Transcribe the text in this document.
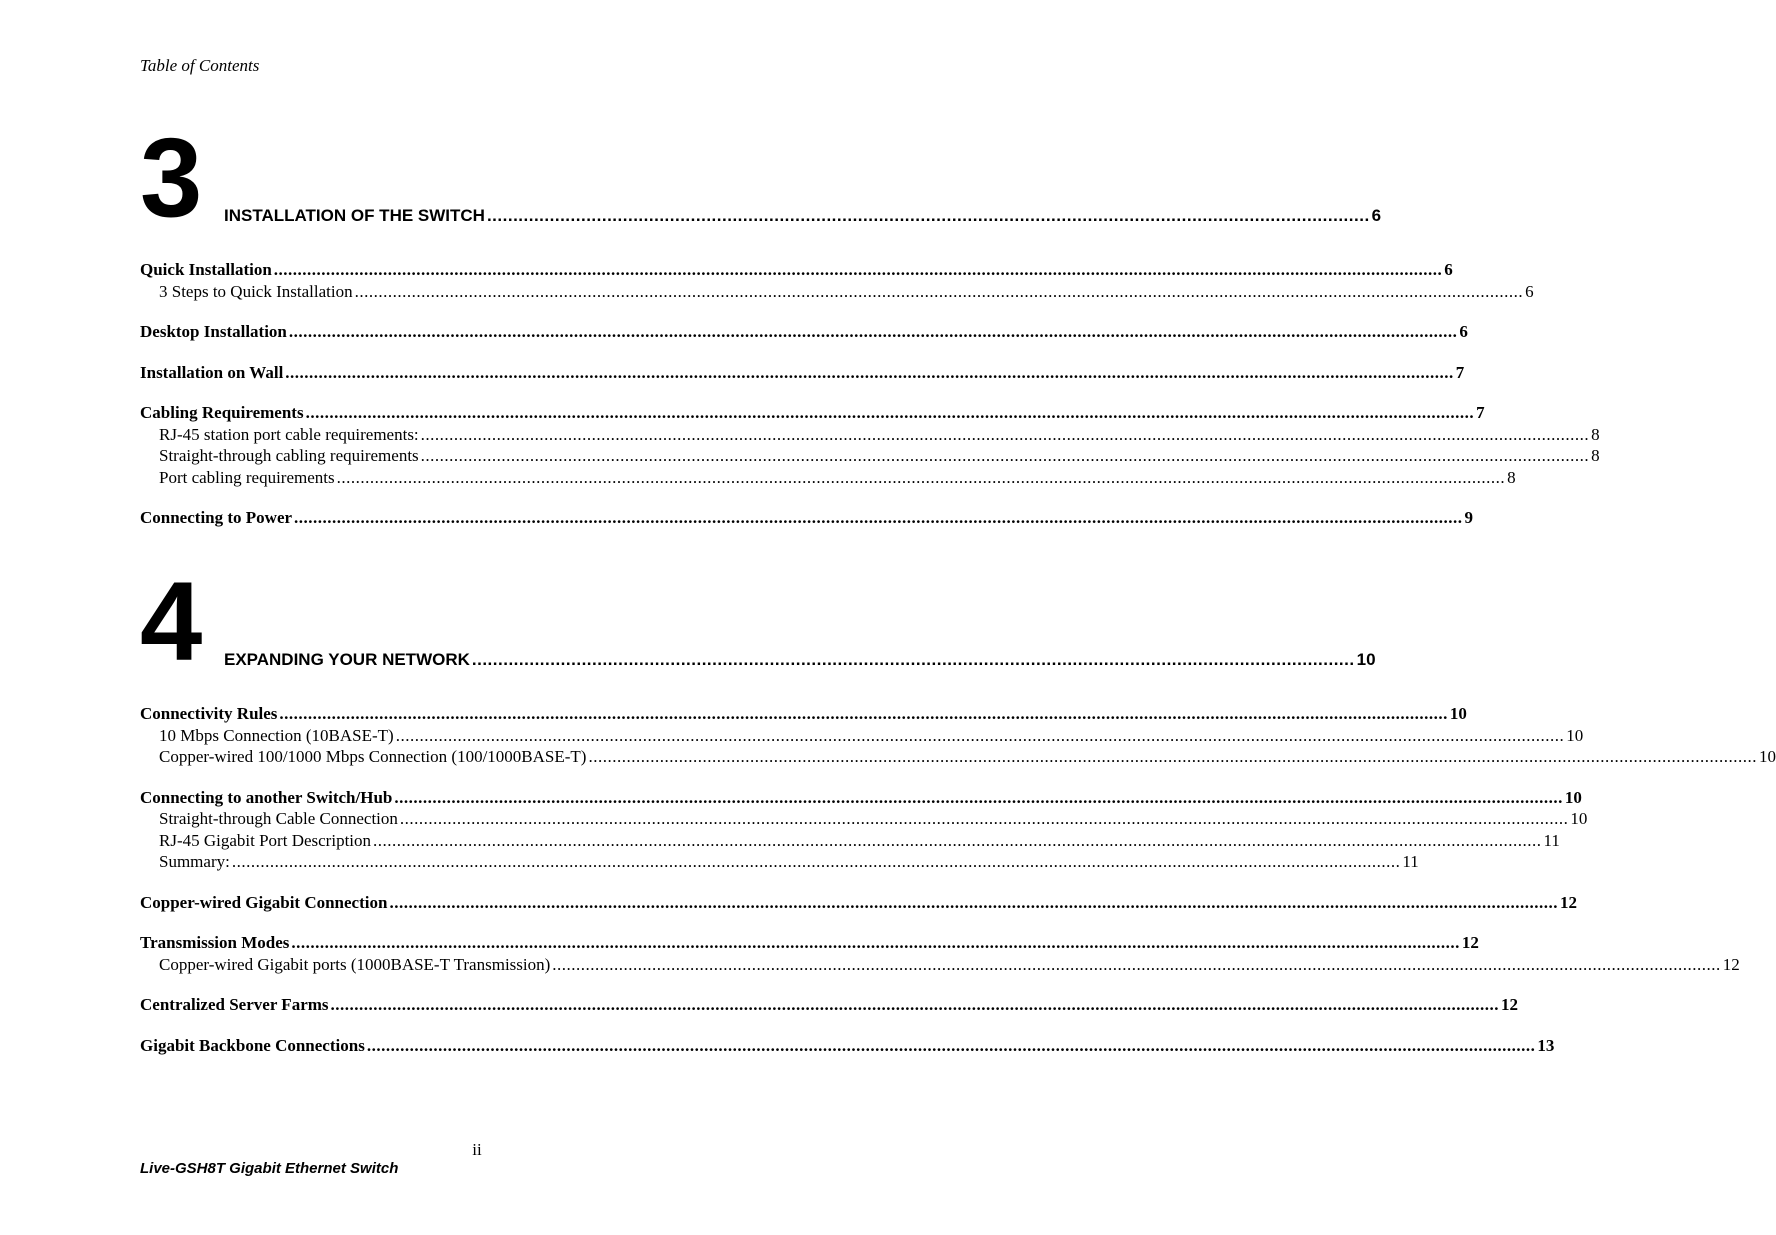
Table of Contents
3 INSTALLATION OF THE SWITCH ......................................................................................................................................................................... 6
Quick Installation ...................................................................................................................................................................................................................................................... 6
3 Steps to Quick Installation ...................................................................................................................................................................................................................................................... 6
Desktop Installation ...................................................................................................................................................................................................................................................... 6
Installation on Wall ...................................................................................................................................................................................................................................................... 7
Cabling Requirements ...................................................................................................................................................................................................................................................... 7
RJ-45 station port cable requirements: ...................................................................................................................................................................................................................................................... 8
Straight-through cabling requirements ...................................................................................................................................................................................................................................................... 8
Port cabling requirements ...................................................................................................................................................................................................................................................... 8
Connecting to Power ...................................................................................................................................................................................................................................................... 9
4 EXPANDING YOUR NETWORK ......................................................................................................................................................................... 10
Connectivity Rules ...................................................................................................................................................................................................................................................... 10
10 Mbps Connection (10BASE-T) ...................................................................................................................................................................................................................................................... 10
Copper-wired 100/1000 Mbps Connection (100/1000BASE-T) ...................................................................................................................................................................................................................................................... 10
Connecting to another Switch/Hub ...................................................................................................................................................................................................................................................... 10
Straight-through Cable Connection ...................................................................................................................................................................................................................................................... 10
RJ-45 Gigabit Port Description ...................................................................................................................................................................................................................................................... 11
Summary: ...................................................................................................................................................................................................................................................... 11
Copper-wired Gigabit Connection ...................................................................................................................................................................................................................................................... 12
Transmission Modes ...................................................................................................................................................................................................................................................... 12
Copper-wired Gigabit ports (1000BASE-T Transmission) ...................................................................................................................................................................................................................................................... 12
Centralized Server Farms ...................................................................................................................................................................................................................................................... 12
Gigabit Backbone Connections ...................................................................................................................................................................................................................................................... 13
ii
Live-GSH8T Gigabit Ethernet Switch
